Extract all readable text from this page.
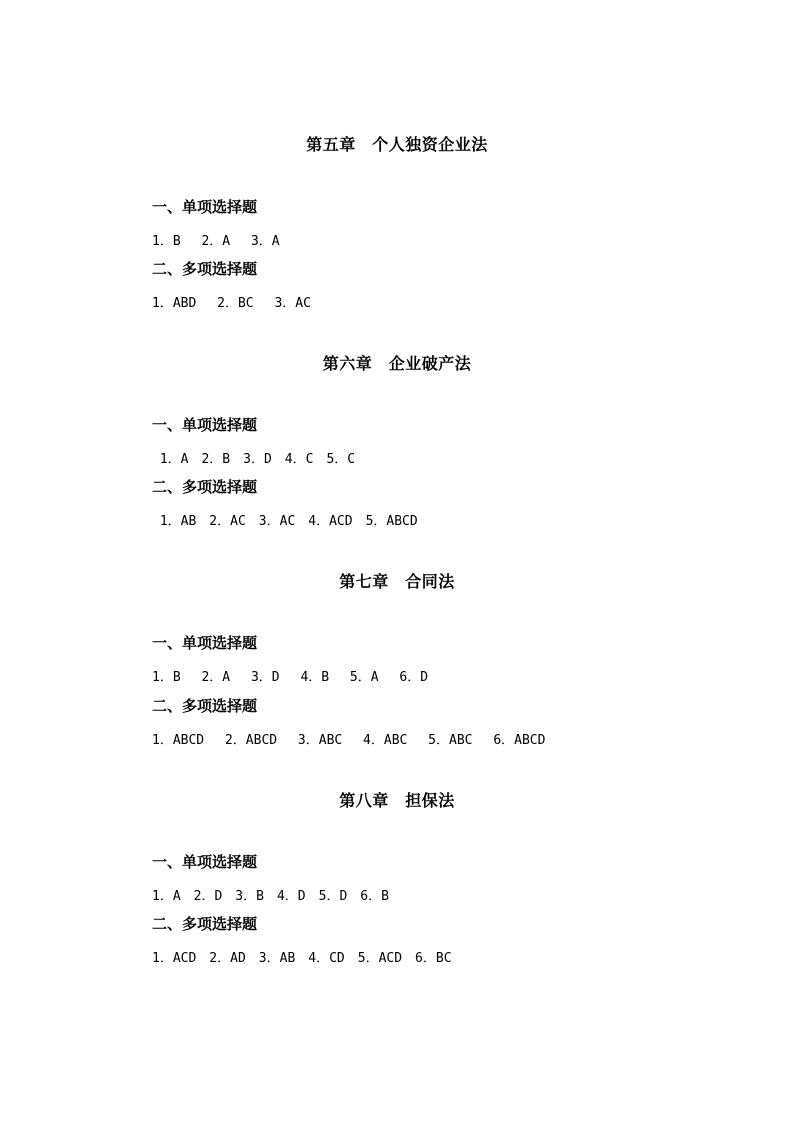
第五章　个人独资企业法
一、单项选择题
1．B　 2．A　 3．A
二、多项选择题
1．ABD　 2．BC　 3．AC
第六章　企业破产法
一、单项选择题
1．A　2．B　3．D　4．C　5．C
二、多项选择题
1．AB　2．AC　3．AC　4．ACD　5．ABCD
第七章　合同法
一、单项选择题
1．B　 2．A　 3．D　 4．B　 5．A　 6．D
二、多项选择题
1．ABCD　 2．ABCD　 3．ABC　 4．ABC　 5．ABC　 6．ABCD
第八章　担保法
一、单项选择题
1．A　2．D　3．B　4．D　5．D　6．B
二、多项选择题
1．ACD　2．AD　3．AB　4．CD　5．ACD　6．BC
